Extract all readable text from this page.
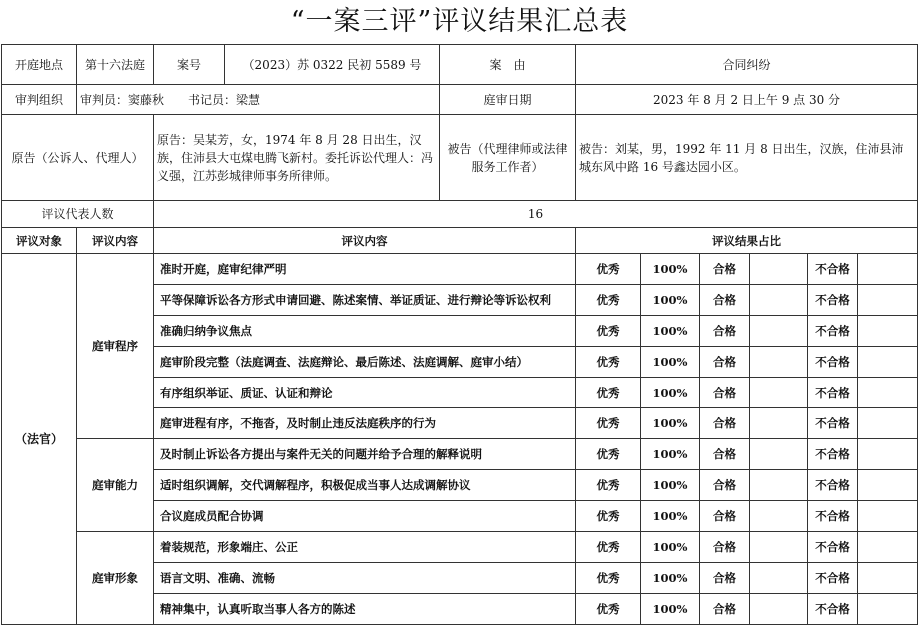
“一案三评”评议结果汇总表
开庭地点	第十六法庭	案号	（2023）苏 0322 民初 5589 号	案　由	合同纠纷					
审判组织	审判员：窦藤秋　　书记员：梁慧			庭审日期	2023 年 8 月 2 日上午 9 点 30 分					
原告（公诉人、代理人）		原告：吴某芳，女，1974 年 8 月 28 日出生，汉族，住沛县大屯煤电腾飞新村。委托诉讼代理人：冯义强，江苏彭城律师事务所律师。		被告（代理律师或法律服务工作者）	被告：刘某，男，1992 年 11 月 8 日出生，汉族，住沛县沛城东风中路 16 号鑫达园小区。					
评议代表人数		16								
评议对象	评议内容	评议内容			评议结果占比					
（法官）	庭审程序	准时开庭，庭审纪律严明			优秀	100%	合格		不合格	
		平等保障诉讼各方形式申请回避、陈述案情、举证质证、进行辩论等诉讼权利			优秀	100%	合格		不合格	
		准确归纳争议焦点			优秀	100%	合格		不合格	
		庭审阶段完整（法庭调查、法庭辩论、最后陈述、法庭调解、庭审小结）			优秀	100%	合格		不合格	
		有序组织举证、质证、认证和辩论			优秀	100%	合格		不合格	
		庭审进程有序，不拖沓，及时制止违反法庭秩序的行为			优秀	100%	合格		不合格	
	庭审能力	及时制止诉讼各方提出与案件无关的问题并给予合理的解释说明			优秀	100%	合格		不合格	
		适时组织调解，交代调解程序，积极促成当事人达成调解协议			优秀	100%	合格		不合格	
		合议庭成员配合协调			优秀	100%	合格		不合格	
	庭审形象	着装规范，形象端庄、公正			优秀	100%	合格		不合格	
		语言文明、准确、流畅			优秀	100%	合格		不合格	
		精神集中，认真听取当事人各方的陈述			优秀	100%	合格		不合格	
